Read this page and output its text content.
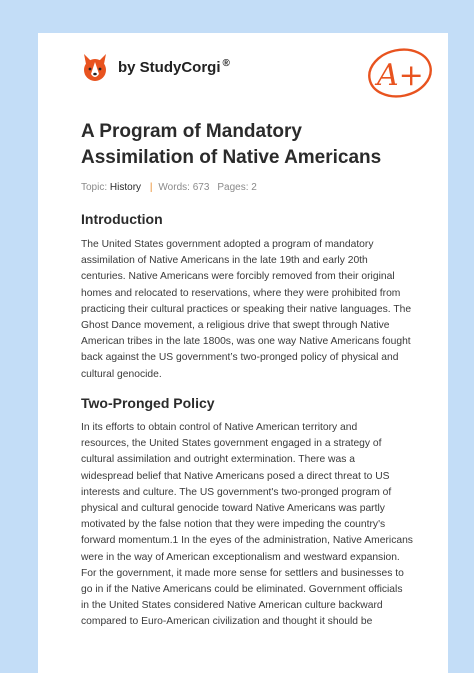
by StudyCorgi ®	A+
A Program of Mandatory
Assimilation of Native Americans
Topic: History | Words: 673 Pages: 2
Introduction
The United States government adopted a program of mandatory
assimilation of Native Americans in the late 19th and early 20th
centuries. Native Americans were forcibly removed from their original
homes and relocated to reservations, where they were prohibited from
practicing their cultural practices or speaking their native languages. The
Ghost Dance movement, a religious drive that swept through Native
American tribes in the late 1800s, was one way Native Americans fought
back against the US government’s two-pronged policy of physical and
cultural genocide.
Two-Pronged Policy
In its efforts to obtain control of Native American territory and
resources, the United States government engaged in a strategy of
cultural assimilation and outright extermination. There was a
widespread belief that Native Americans posed a direct threat to US
interests and culture. The US government's two-pronged program of
physical and cultural genocide toward Native Americans was partly
motivated by the false notion that they were impeding the country's
forward momentum.1 In the eyes of the administration, Native Americans
were in the way of American exceptionalism and westward expansion.
For the government, it made more sense for settlers and businesses to
go in if the Native Americans could be eliminated. Government officials
in the United States considered Native American culture backward
compared to Euro-American civilization and thought it should be
